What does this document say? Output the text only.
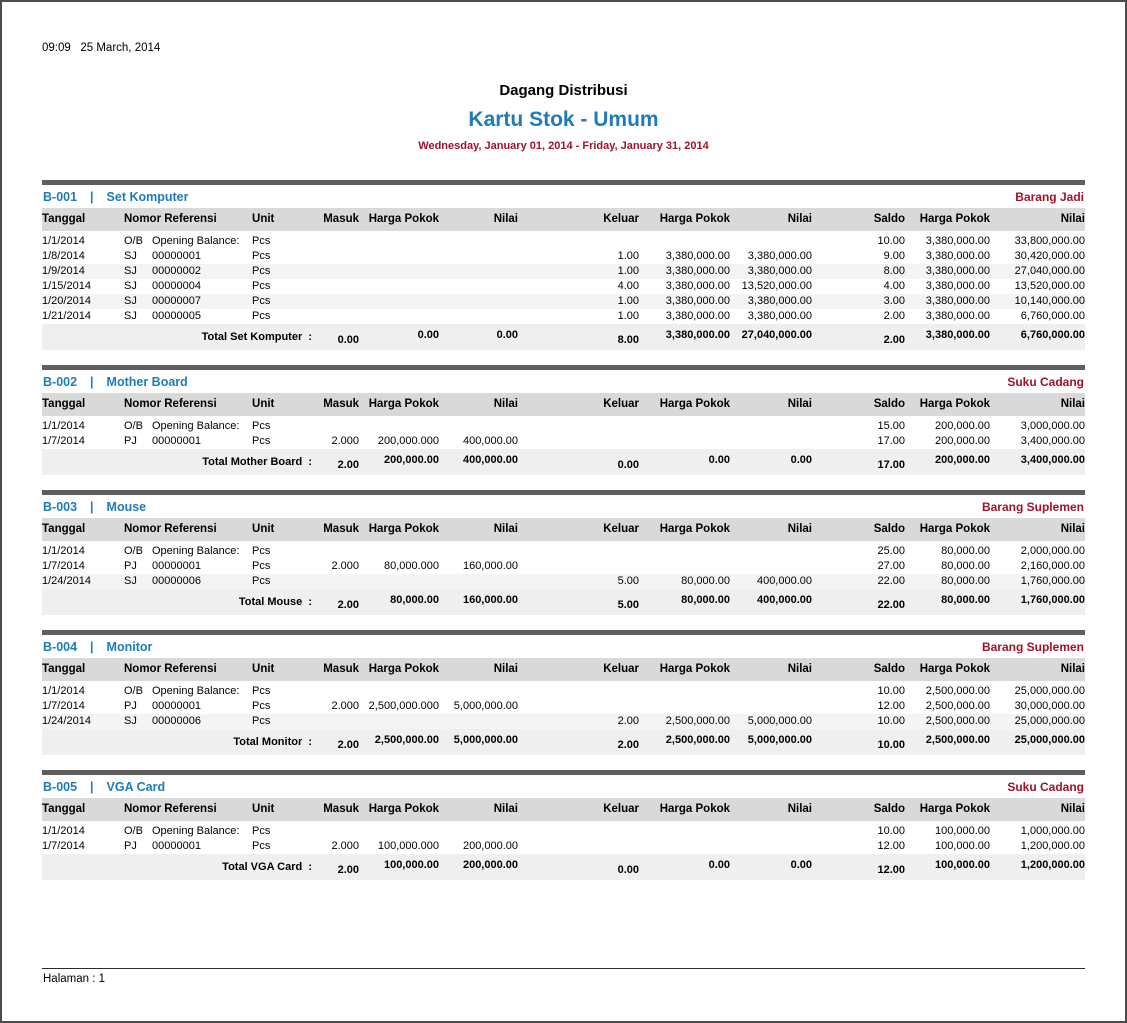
09:09   25 March, 2014
Dagang Distribusi
Kartu Stok - Umum
Wednesday, January 01, 2014 - Friday, January 31, 2014
B-001 | Set Komputer	Barang Jadi
Tanggal	Nomor Referensi		Unit	Masuk	Harga Pokok	Nilai	Keluar	Harga Pokok	Nilai	Saldo	Harga Pokok	Nilai
1/1/2014	O/B	Opening Balance:	Pcs							10.00	3,380,000.00	33,800,000.00
1/8/2014	SJ	00000001	Pcs				1.00	3,380,000.00	3,380,000.00	9.00	3,380,000.00	30,420,000.00
1/9/2014	SJ	00000002	Pcs				1.00	3,380,000.00	3,380,000.00	8.00	3,380,000.00	27,040,000.00
1/15/2014	SJ	00000004	Pcs				4.00	3,380,000.00	13,520,000.00	4.00	3,380,000.00	13,520,000.00
1/20/2014	SJ	00000007	Pcs				1.00	3,380,000.00	3,380,000.00	3.00	3,380,000.00	10,140,000.00
1/21/2014	SJ	00000005	Pcs				1.00	3,380,000.00	3,380,000.00	2.00	3,380,000.00	6,760,000.00
Total Set Komputer  :				0.00	0.00	0.00	8.00	3,380,000.00	27,040,000.00	2.00	3,380,000.00	6,760,000.00
B-002 | Mother Board	Suku Cadang
Tanggal	Nomor Referensi		Unit	Masuk	Harga Pokok	Nilai	Keluar	Harga Pokok	Nilai	Saldo	Harga Pokok	Nilai
1/1/2014	O/B	Opening Balance:	Pcs							15.00	200,000.00	3,000,000.00
1/7/2014	PJ	00000001	Pcs	2.000	200,000.000	400,000.00				17.00	200,000.00	3,400,000.00
Total Mother Board  :				2.00	200,000.00	400,000.00	0.00	0.00	0.00	17.00	200,000.00	3,400,000.00
B-003 | Mouse	Barang Suplemen
Tanggal	Nomor Referensi		Unit	Masuk	Harga Pokok	Nilai	Keluar	Harga Pokok	Nilai	Saldo	Harga Pokok	Nilai
1/1/2014	O/B	Opening Balance:	Pcs							25.00	80,000.00	2,000,000.00
1/7/2014	PJ	00000001	Pcs	2.000	80,000.000	160,000.00				27.00	80,000.00	2,160,000.00
1/24/2014	SJ	00000006	Pcs				5.00	80,000.00	400,000.00	22.00	80,000.00	1,760,000.00
Total Mouse  :				2.00	80,000.00	160,000.00	5.00	80,000.00	400,000.00	22.00	80,000.00	1,760,000.00
B-004 | Monitor	Barang Suplemen
Tanggal	Nomor Referensi		Unit	Masuk	Harga Pokok	Nilai	Keluar	Harga Pokok	Nilai	Saldo	Harga Pokok	Nilai
1/1/2014	O/B	Opening Balance:	Pcs							10.00	2,500,000.00	25,000,000.00
1/7/2014	PJ	00000001	Pcs	2.000	2,500,000.000	5,000,000.00				12.00	2,500,000.00	30,000,000.00
1/24/2014	SJ	00000006	Pcs				2.00	2,500,000.00	5,000,000.00	10.00	2,500,000.00	25,000,000.00
Total Monitor  :				2.00	2,500,000.00	5,000,000.00	2.00	2,500,000.00	5,000,000.00	10.00	2,500,000.00	25,000,000.00
B-005 | VGA Card	Suku Cadang
Tanggal	Nomor Referensi		Unit	Masuk	Harga Pokok	Nilai	Keluar	Harga Pokok	Nilai	Saldo	Harga Pokok	Nilai
1/1/2014	O/B	Opening Balance:	Pcs							10.00	100,000.00	1,000,000.00
1/7/2014	PJ	00000001	Pcs	2.000	100,000.000	200,000.00				12.00	100,000.00	1,200,000.00
Total VGA Card  :				2.00	100,000.00	200,000.00	0.00	0.00	0.00	12.00	100,000.00	1,200,000.00
Halaman : 1
